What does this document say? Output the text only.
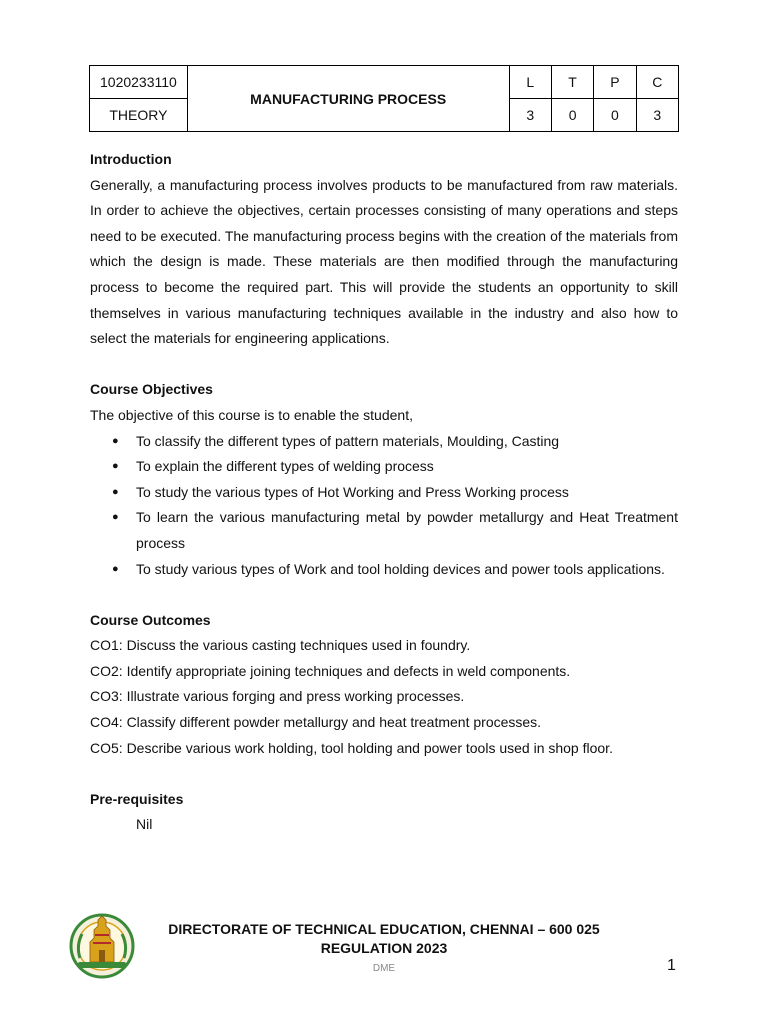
1020233110	MANUFACTURING PROCESS	L	T	P	C
THEORY		3	0	0	3
Introduction

Generally, a manufacturing process involves products to be manufactured from raw materials. In order to achieve the objectives, certain processes consisting of many operations and steps need to be executed. The manufacturing process begins with the creation of the materials from which the design is made. These materials are then modified through the manufacturing process to become the required part. This will provide the students an opportunity to skill themselves in various manufacturing techniques available in the industry and also how to select the materials for engineering applications.

Course Objectives
The objective of this course is to enable the student,
● To classify the different types of pattern materials, Moulding, Casting
● To explain the different types of welding process
● To study the various types of Hot Working and Press Working process
● To learn the various manufacturing metal by powder metallurgy and Heat Treatment process
● To study various types of Work and tool holding devices and power tools applications.
Course Outcomes
CO1: Discuss the various casting techniques used in foundry.
CO2: Identify appropriate joining techniques and defects in weld components.
CO3: Illustrate various forging and press working processes.
CO4: Classify different powder metallurgy and heat treatment processes.
CO5: Describe various work holding, tool holding and power tools used in shop floor.
Pre-requisites
Nil
DIRECTORATE OF TECHNICAL EDUCATION, CHENNAI – 600 025
REGULATION 2023
DME	1
